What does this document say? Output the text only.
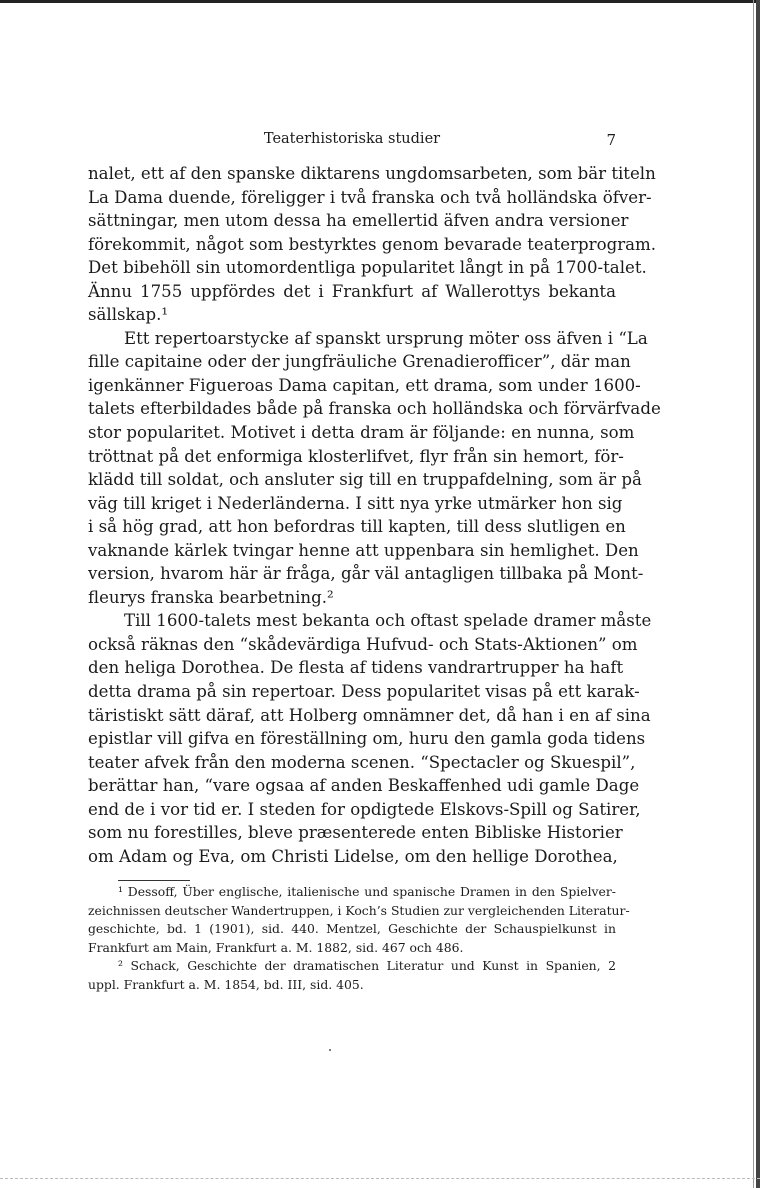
Teaterhistoriska studier	7
nalet, ett af den spanske diktarens ungdomsarbeten, som bär titeln
La Dama duende, föreligger i två franska och två holländska öfver-
sättningar, men utom dessa ha emellertid äfven andra versioner
förekommit, något som bestyrktes genom bevarade teaterprogram.
Det bibehöll sin utomordentliga popularitet långt in på 1700-talet.
Ännu 1755 uppfördes det i Frankfurt af Wallerottys bekanta
sällskap.¹
Ett repertoarstycke af spanskt ursprung möter oss äfven i “La
fille capitaine oder der jungfräuliche Grenadierofficer”, där man
igenkänner Figueroas Dama capitan, ett drama, som under 1600-
talets efterbildades både på franska och holländska och förvärfvade
stor popularitet. Motivet i detta dram är följande: en nunna, som
tröttnat på det enformiga klosterlifvet, flyr från sin hemort, för-
klädd till soldat, och ansluter sig till en truppafdelning, som är på
väg till kriget i Nederländerna. I sitt nya yrke utmärker hon sig
i så hög grad, att hon befordras till kapten, till dess slutligen en
vaknande kärlek tvingar henne att uppenbara sin hemlighet. Den
version, hvarom här är fråga, går väl antagligen tillbaka på Mont-
fleurys franska bearbetning.²
Till 1600-talets mest bekanta och oftast spelade dramer måste
också räknas den “skådevärdiga Hufvud- och Stats-Aktionen” om
den heliga Dorothea. De flesta af tidens vandrartrupper ha haft
detta drama på sin repertoar. Dess popularitet visas på ett karak-
täristiskt sätt däraf, att Holberg omnämner det, då han i en af sina
epistlar vill gifva en föreställning om, huru den gamla goda tidens
teater afvek från den moderna scenen. “Spectacler og Skuespil”,
berättar han, “vare ogsaa af anden Beskaffenhed udi gamle Dage
end de i vor tid er. I steden for opdigtede Elskovs-Spill og Satirer,
som nu forestilles, bleve præsenterede enten Bibliske Historier
om Adam og Eva, om Christi Lidelse, om den hellige Dorothea,
¹ Dessoff, Über englische, italienische und spanische Dramen in den Spielver-
zeichnissen deutscher Wandertruppen, i Koch’s Studien zur vergleichenden Literatur-
geschichte, bd. 1 (1901), sid. 440. Mentzel, Geschichte der Schauspielkunst in
Frankfurt am Main, Frankfurt a. M. 1882, sid. 467 och 486.
² Schack, Geschichte der dramatischen Literatur und Kunst in Spanien, 2
uppl. Frankfurt a. M. 1854, bd. III, sid. 405.
